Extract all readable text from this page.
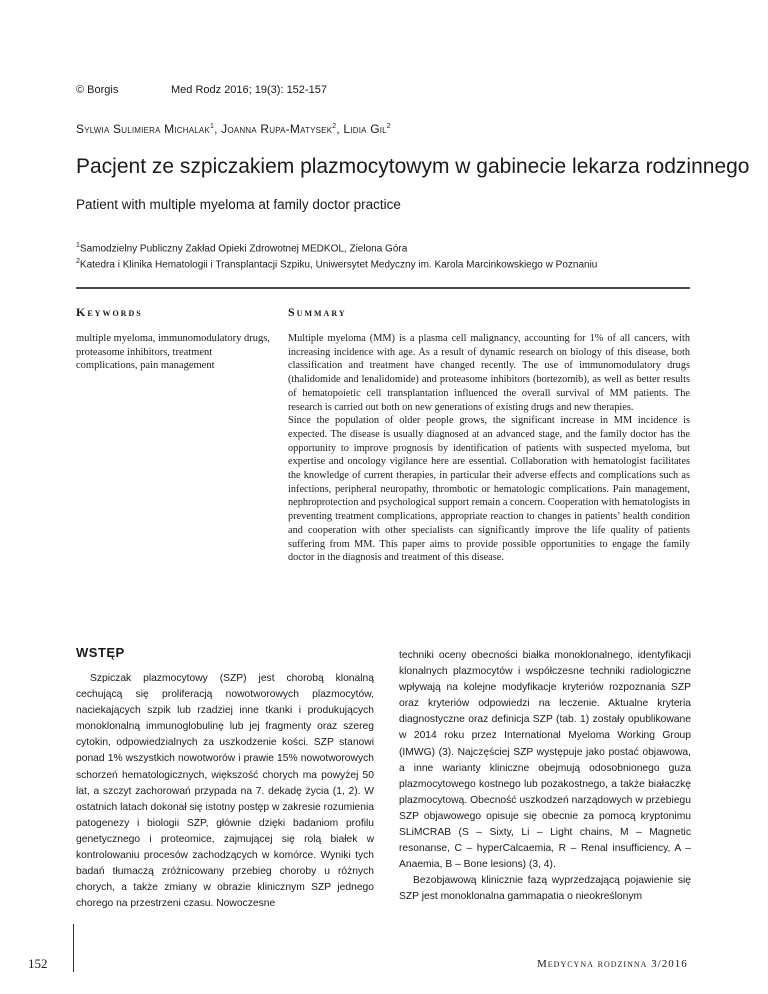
© Borgis	Med Rodz 2016; 19(3): 152-157
Sylwia Sulimiera Michalak$^1$, Joanna Rupa-Matysek$^2$, Lidia Gil$^2$
Pacjent ze szpiczakiem plazmocytowym w gabinecie lekarza rodzinnego
Patient with multiple myeloma at family doctor practice
$^1$Samodzielny Publiczny Zakład Opieki Zdrowotnej MEDKOL, Zielona Góra
$^2$Katedra i Klinika Hematologii i Transplantacji Szpiku, Uniwersytet Medyczny im. Karola Marcinkowskiego w Poznaniu
Keywords	Summary
multiple myeloma, immunomodulatory drugs, proteasome inhibitors, treatment complications, pain management

Multiple myeloma (MM) is a plasma cell malignancy, accounting for 1% of all cancers, with increasing incidence with age. As a result of dynamic research on biology of this disease, both classification and treatment have changed recently. The use of immunomodulatory drugs (thalidomide and lenalidomide) and proteasome inhibitors (bortezomib), as well as better results of hematopoietic cell transplantation influenced the overall survival of MM patients. The research is carried out both on new generations of existing drugs and new therapies.

Since the population of older people grows, the significant increase in MM incidence is expected. The disease is usually diagnosed at an advanced stage, and the family doctor has the opportunity to improve prognosis by identification of patients with suspected myeloma, but expertise and oncology vigilance here are essential. Collaboration with hematologist facilitates the knowledge of current therapies, in particular their adverse effects and complications such as infections, peripheral neuropathy, thrombotic or hematologic complications. Pain management, nephroprotection and psychological support remain a concern. Cooperation with hematologists in preventing treatment complications, appropriate reaction to changes in patients’ health condition and cooperation with other specialists can significantly improve the life quality of patients suffering from MM. This paper aims to provide possible opportunities to engage the family doctor in the diagnosis and treatment of this disease.

WSTĘP

Szpiczak plazmocytowy (SZP) jest chorobą klonalną cechującą się proliferacją nowotworowych plazmocytów, naciekających szpik lub rzadziej inne tkanki i produkujących monoklonalną immunoglobulinę lub jej fragmenty oraz szereg cytokin, odpowiedzialnych za uszkodzenie kości. SZP stanowi ponad 1% wszystkich nowotworów i prawie 15% nowotworowych schorzeń hematologicznych, większość chorych ma powyżej 50 lat, a szczyt zachorowań przypada na 7. dekadę życia (1, 2). W ostatnich latach dokonał się istotny postęp w zakresie rozumienia patogenezy i biologii SZP, głównie dzięki badaniom profilu genetycznego i proteomice, zajmującej się rolą białek w kontrolowaniu procesów zachodzących w komórce. Wyniki tych badań tłumaczą zróżnicowany przebieg choroby u różnych chorych, a także zmiany w obrazie klinicznym SZP jednego chorego na przestrzeni czasu. Nowoczesne

techniki oceny obecności białka monoklonalnego, identyfikacji klonalnych plazmocytów i współczesne techniki radiologiczne wpływają na kolejne modyfikacje kryteriów rozpoznania SZP oraz kryteriów odpowiedzi na leczenie. Aktualne kryteria diagnostyczne oraz definicja SZP (tab. 1) zostały opublikowane w 2014 roku przez International Myeloma Working Group (IMWG) (3). Najczęściej SZP występuje jako postać objawowa, a inne warianty kliniczne obejmują odosobnionego guza plazmocytowego kostnego lub pozakostnego, a także białaczkę plazmocytową. Obecność uszkodzeń narządowych w przebiegu SZP objawowego opisuje się obecnie za pomocą kryptonimu SLiMCRAB (S – Sixty, Li – Light chains, M – Magnetic resonanse, C – hyperCalcaemia, R – Renal insufficiency, A – Anaemia, B – Bone lesions) (3, 4).

Bezobjawową klinicznie fazą wyprzedzającą pojawienie się SZP jest monoklonalna gammapatia o nieokreślonym

152	Medycyna rodzinna 3/2016
